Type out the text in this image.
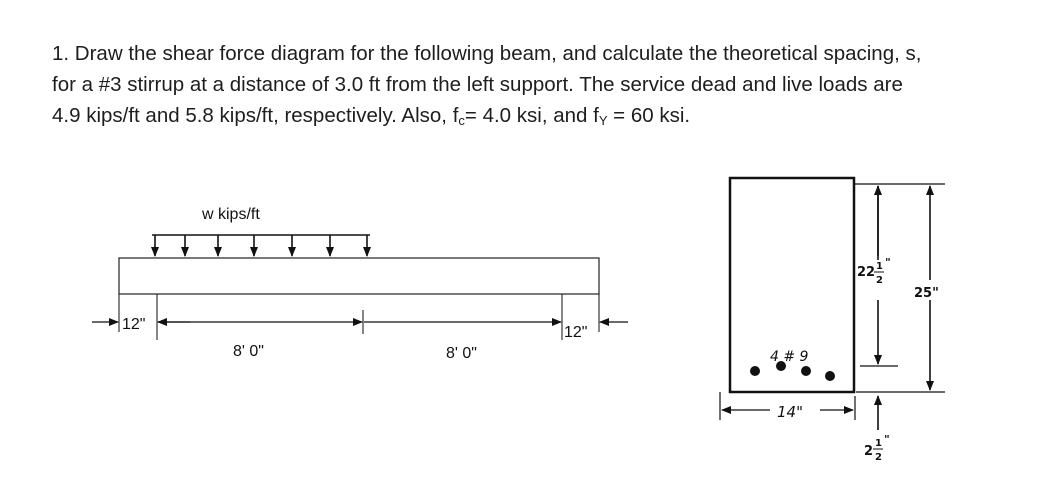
1. Draw the shear force diagram for the following beam, and calculate the theoretical spacing, s,

for a #3 stirrup at a distance of 3.0 ft from the left support. The service dead and live loads are

4.9 kips/ft and 5.8 kips/ft, respectively. Also, $f_c= 4.0$ ksi, and $f_Y = 60$ ksi.

w kips/ft
12"	12"
8' 0"	8' 0"	4 # 9
22 1
2
"
25"
2
1
2
"
14"
